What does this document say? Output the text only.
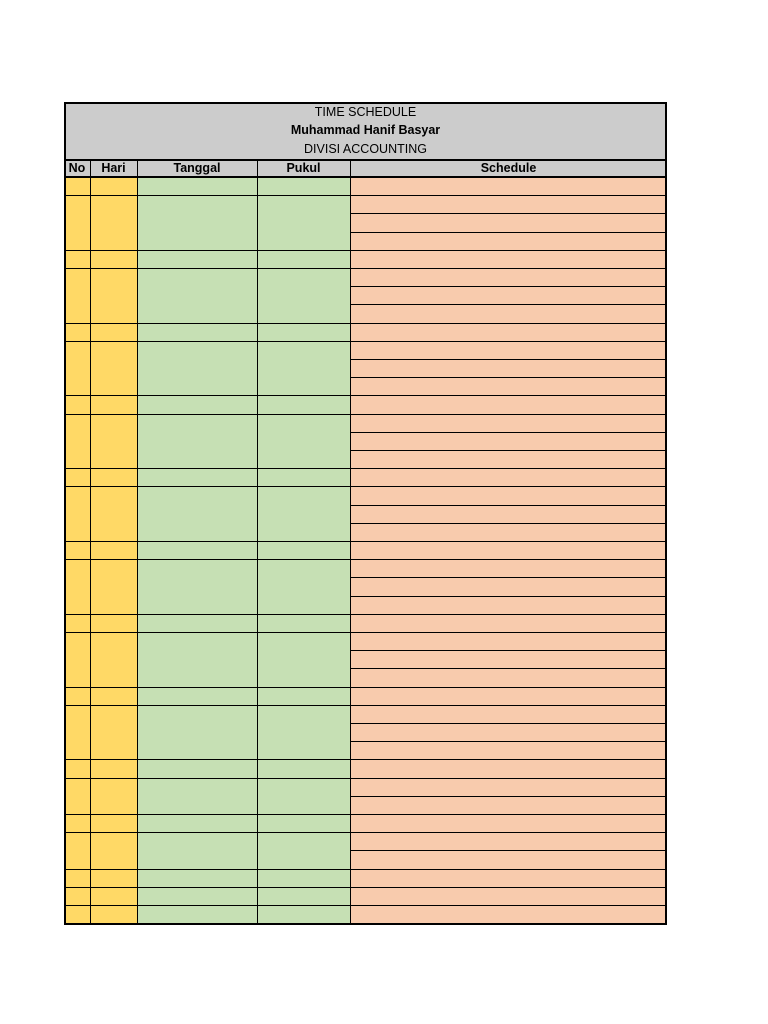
TIME SCHEDULE
Muhammad Hanif Basyar
DIVISI ACCOUNTING
No	Hari	Tanggal	Pukul	Schedule
